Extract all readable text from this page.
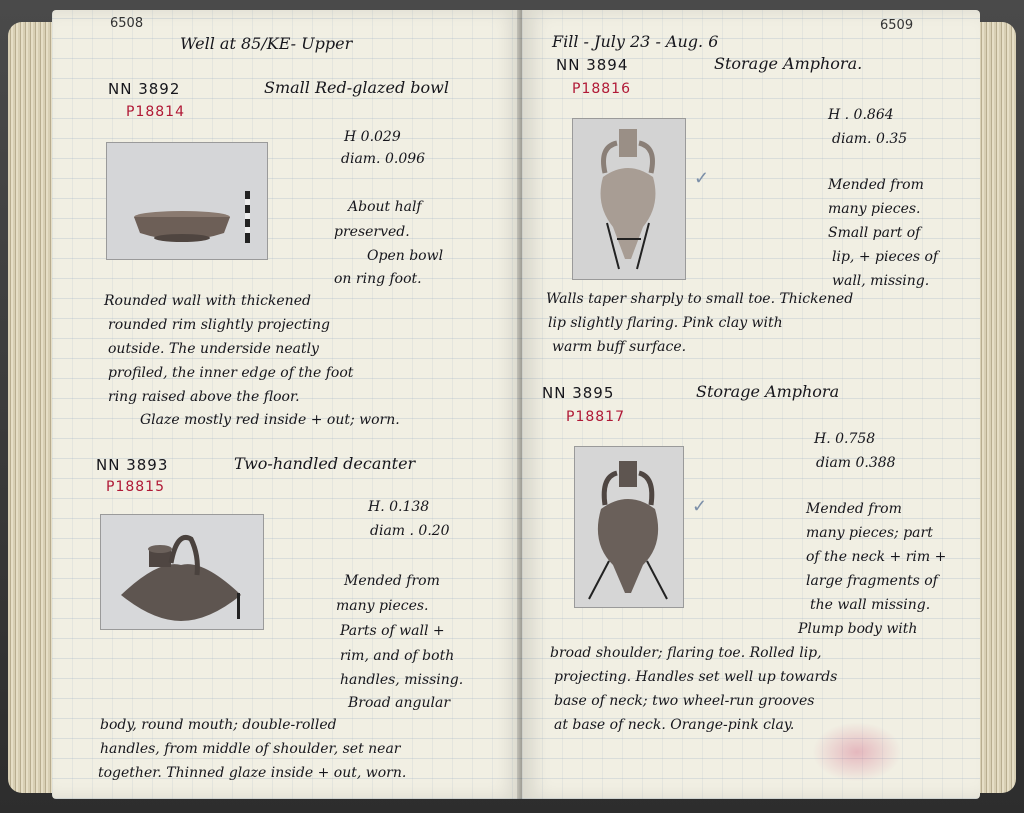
6508

Well at 85/KE- Upper

NN 3892	Small Red-glazed bowl

P18814

H 0.029

diam. 0.096

About half

preserved.

Open bowl

on ring foot.

Rounded wall with thickened

rounded rim slightly projecting

outside. The underside neatly

profiled, the inner edge of the foot

ring raised above the floor.

Glaze mostly red inside + out; worn.

NN 3893	Two-handled decanter

P18815

H. 0.138

diam . 0.20

Mended from

many pieces.

Parts of wall +

rim, and of both

handles, missing.

Broad angular

body, round mouth; double-rolled

handles, from middle of shoulder, set near

together. Thinned glaze inside + out, worn.

6509

Fill - July 23 - Aug. 6

NN 3894	Storage Amphora.

P18816

✓

H . 0.864

diam. 0.35

Mended from

many pieces.

Small part of

lip, + pieces of

wall, missing.

Walls taper sharply to small toe. Thickened

lip slightly flaring. Pink clay with

warm buff surface.

NN 3895	Storage Amphora

P18817

✓

H. 0.758

diam 0.388

Mended from

many pieces; part

of the neck + rim +

large fragments of

the wall missing.

Plump body with

broad shoulder; flaring toe. Rolled lip,

projecting. Handles set well up towards

base of neck; two wheel-run grooves

at base of neck. Orange-pink clay.
